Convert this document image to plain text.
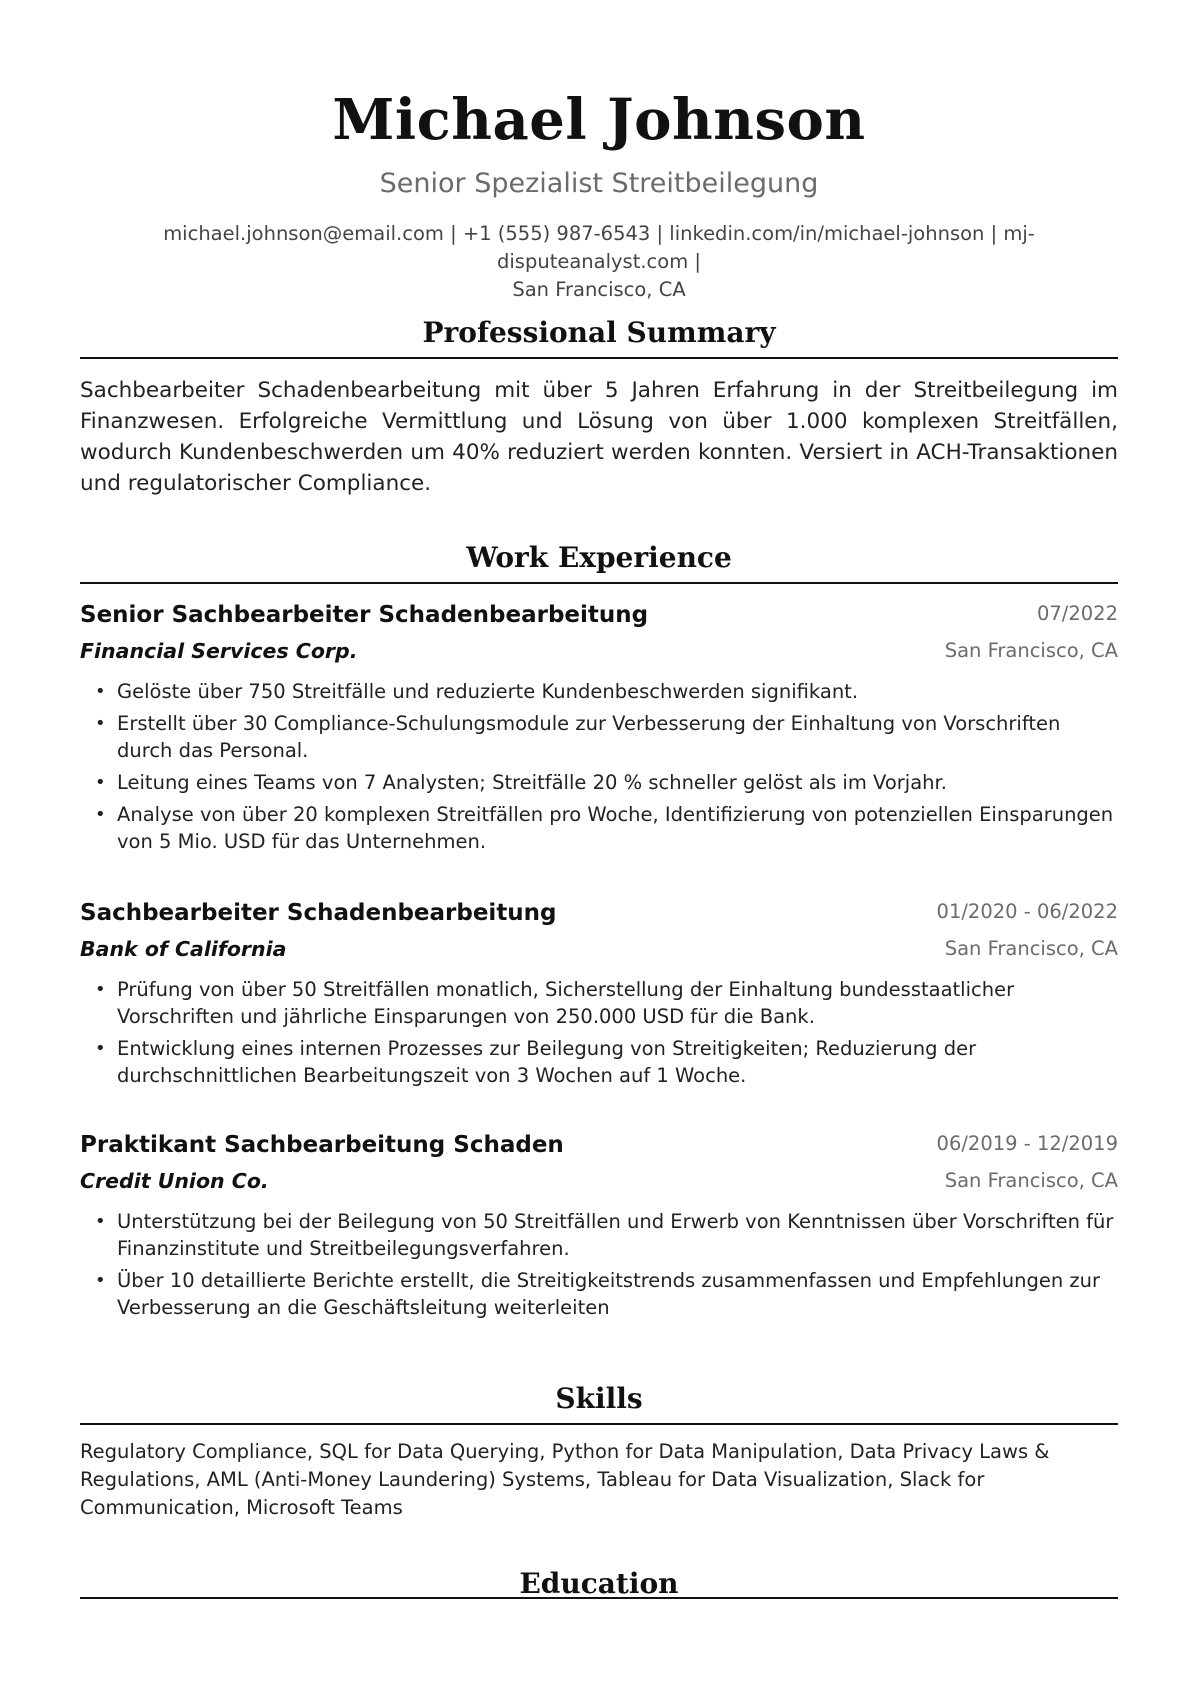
Michael Johnson
Senior Spezialist Streitbeilegung
michael.johnson@email.com | +1 (555) 987-6543 | linkedin.com/in/michael-johnson | mj-disputeanalyst.com |
San Francisco, CA
Professional Summary
Sachbearbeiter Schadenbearbeitung mit über 5 Jahren Erfahrung in der Streitbeilegung im Finanzwesen. Erfolgreiche Vermittlung und Lösung von über 1.000 komplexen Streitfällen, wodurch Kundenbeschwerden um 40% reduziert werden konnten. Versiert in ACH-Transaktionen und regulatorischer Compliance.
Work Experience
Senior Sachbearbeiter Schadenbearbeitung	07/2022
Financial Services Corp.	San Francisco, CA
• Gelöste über 750 Streitfälle und reduzierte Kundenbeschwerden signifikant.
• Erstellt über 30 Compliance-Schulungsmodule zur Verbesserung der Einhaltung von Vorschriften durch das Personal.
• Leitung eines Teams von 7 Analysten; Streitfälle 20 % schneller gelöst als im Vorjahr.
• Analyse von über 20 komplexen Streitfällen pro Woche, Identifizierung von potenziellen Einsparungen von 5 Mio. USD für das Unternehmen.
Sachbearbeiter Schadenbearbeitung	01/2020 - 06/2022
Bank of California	San Francisco, CA
• Prüfung von über 50 Streitfällen monatlich, Sicherstellung der Einhaltung bundesstaatlicher Vorschriften und jährliche Einsparungen von 250.000 USD für die Bank.
• Entwicklung eines internen Prozesses zur Beilegung von Streitigkeiten; Reduzierung der durchschnittlichen Bearbeitungszeit von 3 Wochen auf 1 Woche.
Praktikant Sachbearbeitung Schaden	06/2019 - 12/2019
Credit Union Co.	San Francisco, CA
• Unterstützung bei der Beilegung von 50 Streitfällen und Erwerb von Kenntnissen über Vorschriften für Finanzinstitute und Streitbeilegungsverfahren.
• Über 10 detaillierte Berichte erstellt, die Streitigkeitstrends zusammenfassen und Empfehlungen zur Verbesserung an die Geschäftsleitung weiterleiten
Skills
Regulatory Compliance, SQL for Data Querying, Python for Data Manipulation, Data Privacy Laws & Regulations, AML (Anti-Money Laundering) Systems, Tableau for Data Visualization, Slack for Communication, Microsoft Teams
Education
